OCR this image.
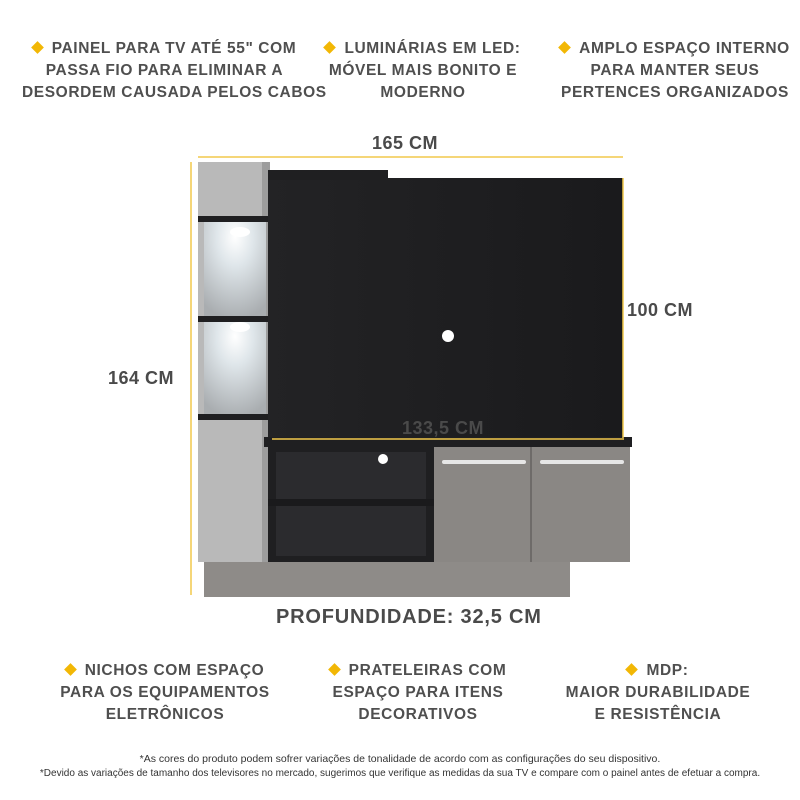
PAINEL PARA TV ATÉ 55" COM
PASSA FIO PARA ELIMINAR A
DESORDEM CAUSADA PELOS CABOS
LUMINÁRIAS EM LED:
MÓVEL MAIS BONITO E
MODERNO
AMPLO ESPAÇO INTERNO
PARA MANTER SEUS
PERTENCES ORGANIZADOS
165 CM
164 CM
100 CM
133,5 CM
PROFUNDIDADE: 32,5 CM
NICHOS COM ESPAÇO
PARA OS EQUIPAMENTOS
ELETRÔNICOS
PRATELEIRAS COM
ESPAÇO PARA ITENS
DECORATIVOS
MDP:
MAIOR DURABILIDADE
E RESISTÊNCIA
*As cores do produto podem sofrer variações de tonalidade de acordo com as configurações do seu dispositivo.
*Devido as variações de tamanho dos televisores no mercado, sugerimos que verifique as medidas da sua TV e compare com o painel antes de efetuar a compra.
